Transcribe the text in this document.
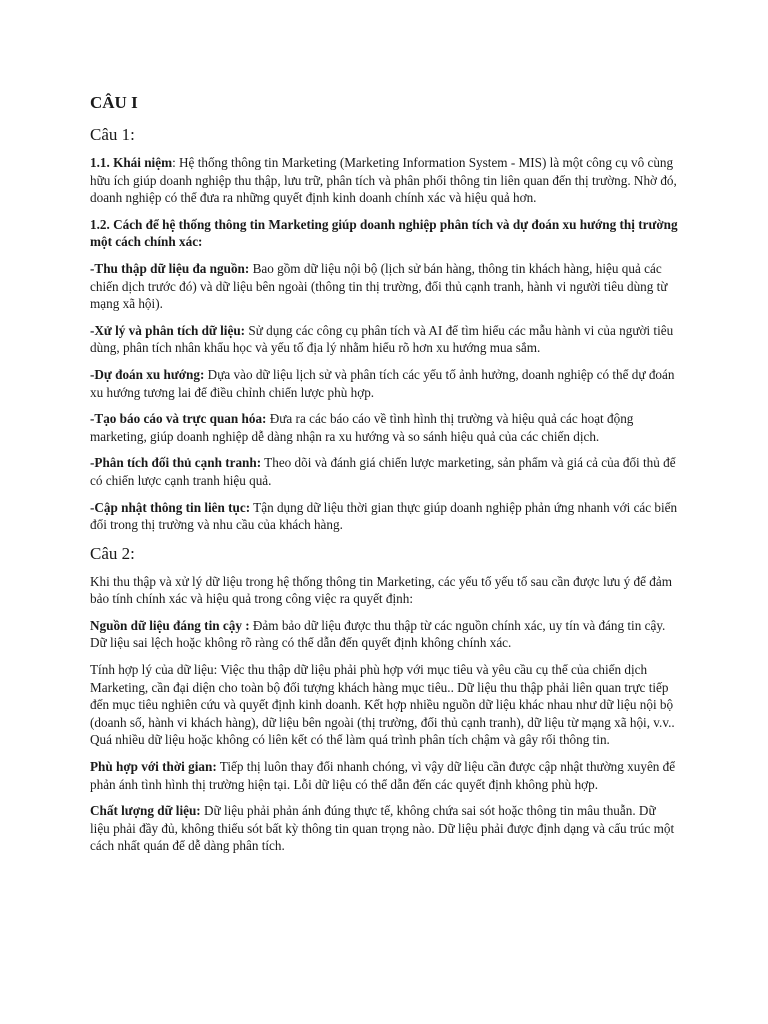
CÂU I
Câu 1:

1.1. Khái niệm: Hệ thống thông tin Marketing (Marketing Information System - MIS) là một công cụ vô cùng hữu ích giúp doanh nghiệp thu thập, lưu trữ, phân tích và phân phối thông tin liên quan đến thị trường. Nhờ đó, doanh nghiệp có thể đưa ra những quyết định kinh doanh chính xác và hiệu quả hơn.

1.2. Cách để hệ thống thông tin Marketing giúp doanh nghiệp phân tích và dự đoán xu hướng thị trường một cách chính xác:

-Thu thập dữ liệu đa nguồn: Bao gồm dữ liệu nội bộ (lịch sử bán hàng, thông tin khách hàng, hiệu quả các chiến dịch trước đó) và dữ liệu bên ngoài (thông tin thị trường, đối thủ cạnh tranh, hành vi người tiêu dùng từ mạng xã hội).

-Xử lý và phân tích dữ liệu: Sử dụng các công cụ phân tích và AI để tìm hiểu các mẫu hành vi của người tiêu dùng, phân tích nhân khẩu học và yếu tố địa lý nhằm hiểu rõ hơn xu hướng mua sắm.

-Dự đoán xu hướng: Dựa vào dữ liệu lịch sử và phân tích các yếu tố ảnh hưởng, doanh nghiệp có thể dự đoán xu hướng tương lai để điều chỉnh chiến lược phù hợp.

-Tạo báo cáo và trực quan hóa: Đưa ra các báo cáo về tình hình thị trường và hiệu quả các hoạt động marketing, giúp doanh nghiệp dễ dàng nhận ra xu hướng và so sánh hiệu quả của các chiến dịch.

-Phân tích đối thủ cạnh tranh: Theo dõi và đánh giá chiến lược marketing, sản phẩm và giá cả của đối thủ để có chiến lược cạnh tranh hiệu quả.

-Cập nhật thông tin liên tục: Tận dụng dữ liệu thời gian thực giúp doanh nghiệp phản ứng nhanh với các biến đổi trong thị trường và nhu cầu của khách hàng.

Câu 2:

Khi thu thập và xử lý dữ liệu trong hệ thống thông tin Marketing, các yếu tố yếu tố sau cần được lưu ý để đảm bảo tính chính xác và hiệu quả trong công việc ra quyết định:

Nguồn dữ liệu đáng tin cậy : Đảm bảo dữ liệu được thu thập từ các nguồn chính xác, uy tín và đáng tin cậy. Dữ liệu sai lệch hoặc không rõ ràng có thể dẫn đến quyết định không chính xác.

Tính hợp lý của dữ liệu: Việc thu thập dữ liệu phải phù hợp với mục tiêu và yêu cầu cụ thể của chiến dịch Marketing, cần đại diện cho toàn bộ đối tượng khách hàng mục tiêu.. Dữ liệu thu thập phải liên quan trực tiếp đến mục tiêu nghiên cứu và quyết định kinh doanh. Kết hợp nhiều nguồn dữ liệu khác nhau như dữ liệu nội bộ (doanh số, hành vi khách hàng), dữ liệu bên ngoài (thị trường, đối thủ cạnh tranh), dữ liệu từ mạng xã hội, v.v.. Quá nhiều dữ liệu hoặc không có liên kết có thể làm quá trình phân tích chậm và gây rối thông tin.

Phù hợp với thời gian: Tiếp thị luôn thay đổi nhanh chóng, vì vậy dữ liệu cần được cập nhật thường xuyên để phản ánh tình hình thị trường hiện tại. Lỗi dữ liệu có thể dẫn đến các quyết định không phù hợp.

Chất lượng dữ liệu: Dữ liệu phải phản ánh đúng thực tế, không chứa sai sót hoặc thông tin mâu thuẫn. Dữ liệu phải đầy đủ, không thiếu sót bất kỳ thông tin quan trọng nào. Dữ liệu phải được định dạng và cấu trúc một cách nhất quán để dễ dàng phân tích.
